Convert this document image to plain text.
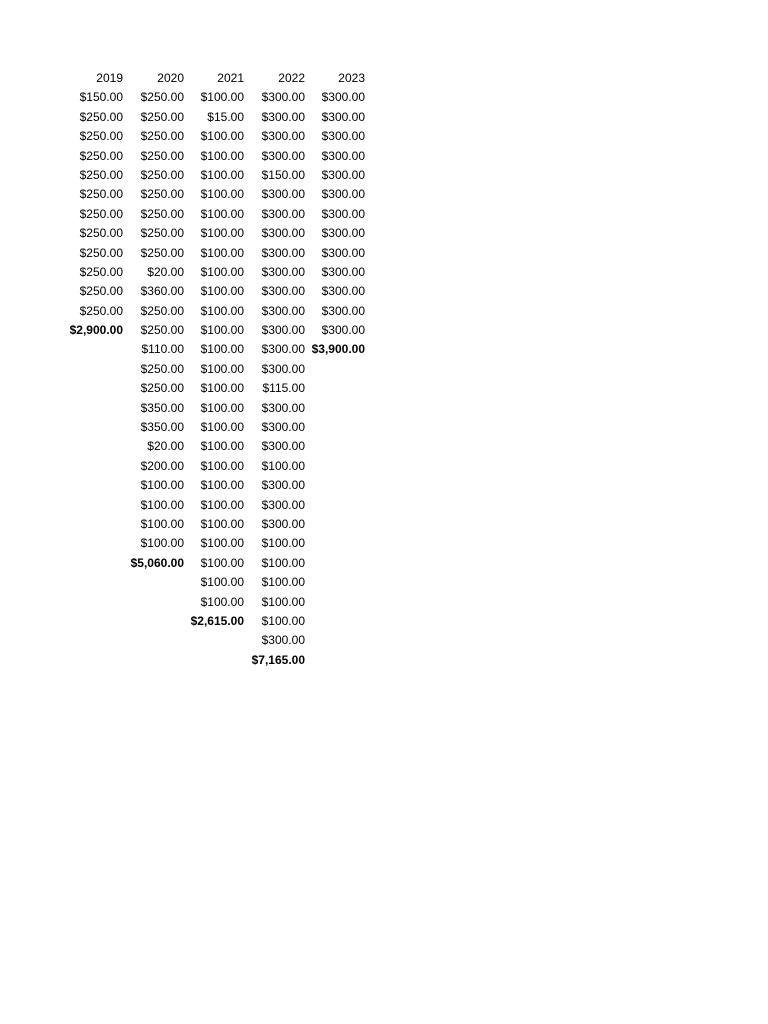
2019
$150.00
$250.00
$250.00
$250.00
$250.00
$250.00
$250.00
$250.00
$250.00
$250.00
$250.00
$250.00
$2,900.00
2020
$250.00
$250.00
$250.00
$250.00
$250.00
$250.00
$250.00
$250.00
$250.00
$20.00
$360.00
$250.00
$250.00
$110.00
$250.00
$250.00
$350.00
$350.00
$20.00
$200.00
$100.00
$100.00
$100.00
$100.00
$5,060.00
2021
$100.00
$15.00
$100.00
$100.00
$100.00
$100.00
$100.00
$100.00
$100.00
$100.00
$100.00
$100.00
$100.00
$100.00
$100.00
$100.00
$100.00
$100.00
$100.00
$100.00
$100.00
$100.00
$100.00
$100.00
$100.00
$100.00
$100.00
$2,615.00
2022
$300.00
$300.00
$300.00
$300.00
$150.00
$300.00
$300.00
$300.00
$300.00
$300.00
$300.00
$300.00
$300.00
$300.00
$300.00
$115.00
$300.00
$300.00
$300.00
$100.00
$300.00
$300.00
$300.00
$100.00
$100.00
$100.00
$100.00
$100.00
$300.00
$7,165.00
2023
$300.00
$300.00
$300.00
$300.00
$300.00
$300.00
$300.00
$300.00
$300.00
$300.00
$300.00
$300.00
$300.00
$3,900.00
